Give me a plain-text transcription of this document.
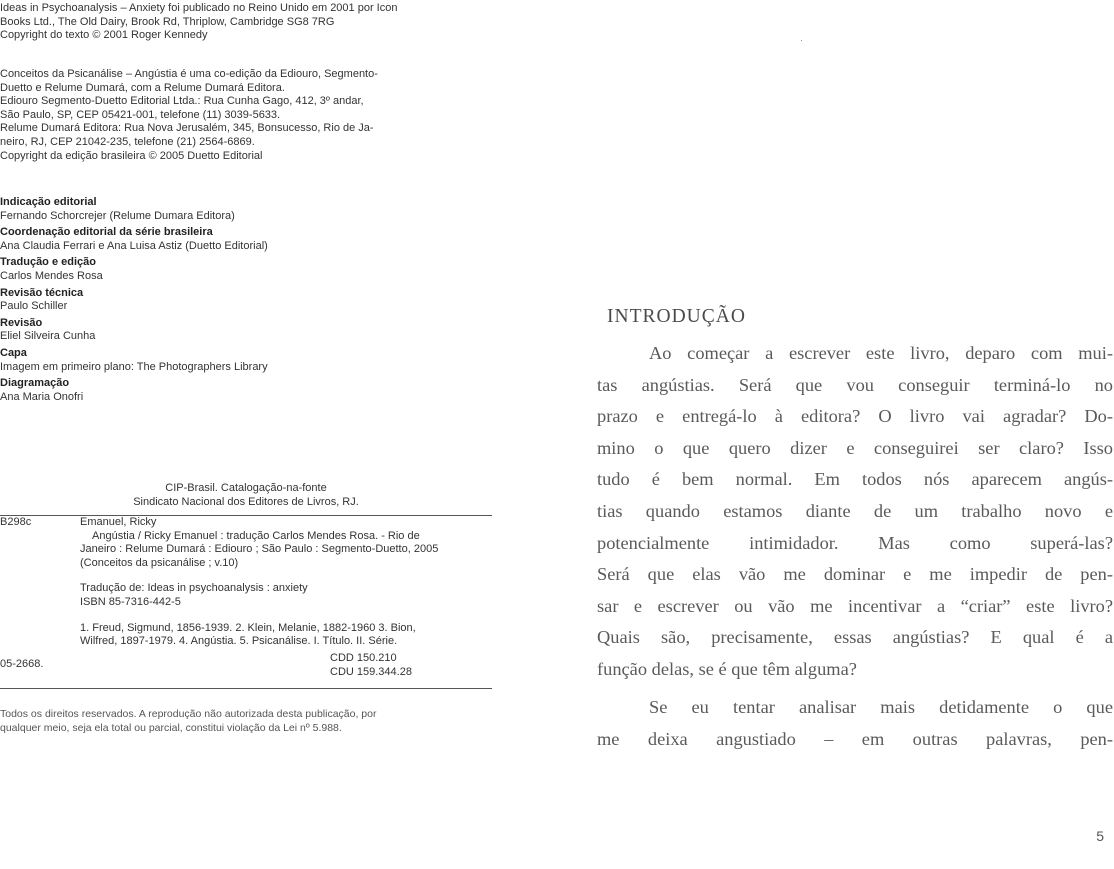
Ideas in Psychoanalysis – Anxiety foi publicado no Reino Unido em 2001 por Icon
Books Ltd., The Old Dairy, Brook Rd, Thriplow, Cambridge SG8 7RG
Copyright do texto © 2001 Roger Kennedy
Conceitos da Psicanálise – Angústia é uma co-edição da Ediouro, Segmento-
Duetto e Relume Dumará, com a Relume Dumará Editora.
Ediouro Segmento-Duetto Editorial Ltda.: Rua Cunha Gago, 412, 3º andar,
São Paulo, SP, CEP 05421-001, telefone (11) 3039-5633.
Relume Dumará Editora: Rua Nova Jerusalém, 345, Bonsucesso, Rio de Ja-
neiro, RJ, CEP 21042-235, telefone (21) 2564-6869.
Copyright da edição brasileira © 2005 Duetto Editorial
Indicação editorial
Fernando Schorcrejer (Relume Dumara Editora)
Coordenação editorial da série brasileira
Ana Claudia Ferrari e Ana Luisa Astiz (Duetto Editorial)
Tradução e edição
Carlos Mendes Rosa
Revisão técnica
Paulo Schiller
Revisão
Eliel Silveira Cunha
Capa
Imagem em primeiro plano: The Photographers Library
Diagramação
Ana Maria Onofri
CIP-Brasil. Catalogação-na-fonte
Sindicato Nacional dos Editores de Livros, RJ.
B298c	Emanuel, Ricky

Angústia / Ricky Emanuel : tradução Carlos Mendes Rosa. - Rio de

Janeiro : Relume Dumará : Ediouro ; São Paulo : Segmento-Duetto, 2005

(Conceitos da psicanálise ; v.10)

Tradução de: Ideas in psychoanalysis : anxiety

ISBN 85-7316-442-5

1. Freud, Sigmund, 1856-1939. 2. Klein, Melanie, 1882-1960 3. Bion,

Wilfred, 1897-1979. 4. Angústia. 5. Psicanálise. I. Título. II. Série.

05-2668.	CDD 150.210
CDU 159.344.28
Todos os direitos reservados. A reprodução não autorizada desta publicação, por
qualquer meio, seja ela total ou parcial, constitui violação da Lei nº 5.988.
INTRODUÇÃO
Ao começar a escrever este livro, deparo com mui-
tas angústias. Será que vou conseguir terminá-lo no
prazo e entregá-lo à editora? O livro vai agradar? Do-
mino o que quero dizer e conseguirei ser claro? Isso
tudo é bem normal. Em todos nós aparecem angús-
tias quando estamos diante de um trabalho novo e
potencialmente intimidador. Mas como superá-las?
Será que elas vão me dominar e me impedir de pen-
sar e escrever ou vão me incentivar a “criar” este livro?
Quais são, precisamente, essas angústias? E qual é a
função delas, se é que têm alguma?
Se eu tentar analisar mais detidamente o que
me deixa angustiado – em outras palavras, pen-
5
